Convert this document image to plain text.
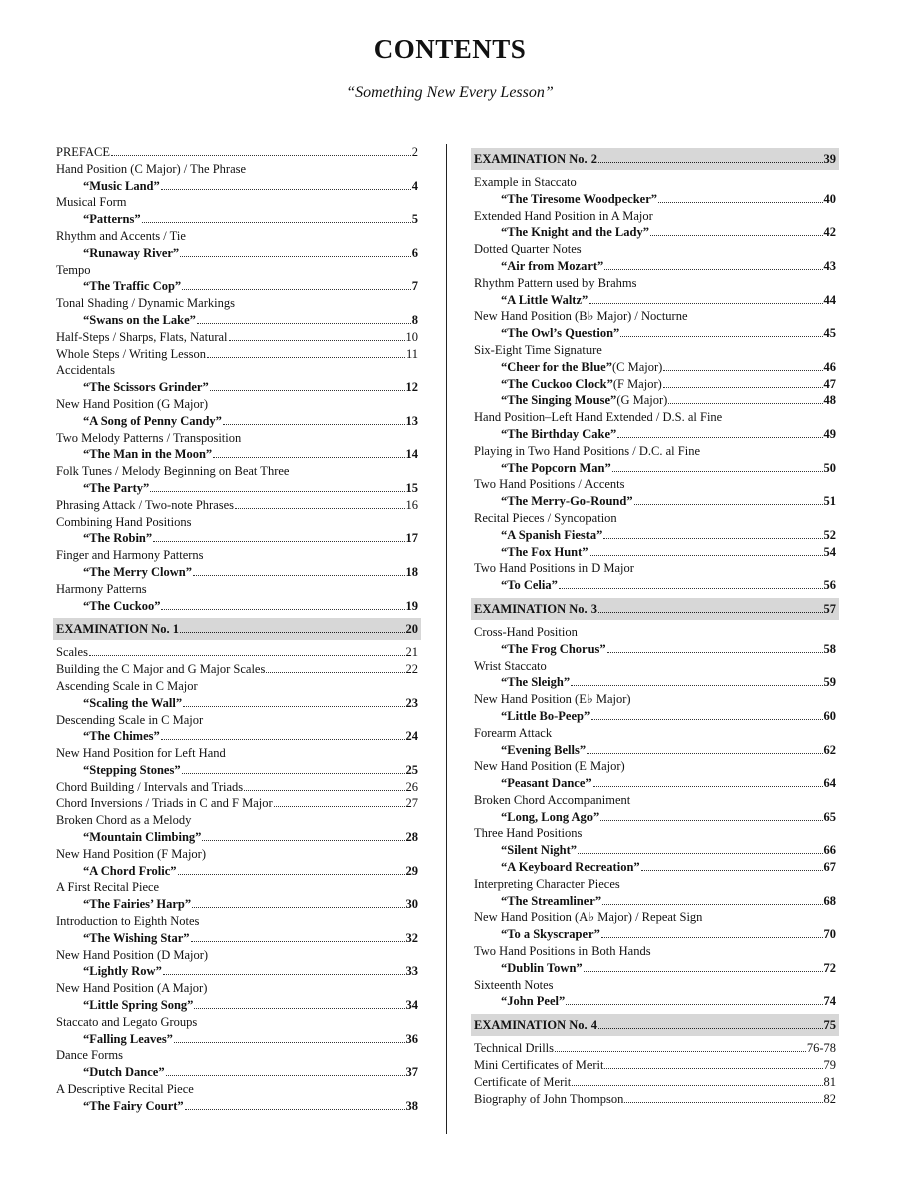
CONTENTS
“Something New Every Lesson”
PREFACE	2
Hand Position (C Major) / The Phrase
“Music Land”	4
Musical Form
“Patterns”	5
Rhythm and Accents / Tie
“Runaway River”	6
Tempo
“The Traffic Cop”	7
Tonal Shading / Dynamic Markings
“Swans on the Lake”	8
Half-Steps / Sharps, Flats, Natural	10
Whole Steps / Writing Lesson	11
Accidentals
“The Scissors Grinder”	12
New Hand Position (G Major)
“A Song of Penny Candy”	13
Two Melody Patterns / Transposition
“The Man in the Moon”	14
Folk Tunes / Melody Beginning on Beat Three
“The Party”	15
Phrasing Attack / Two-note Phrases	16
Combining Hand Positions
“The Robin”	17
Finger and Harmony Patterns
“The Merry Clown”	18
Harmony Patterns
“The Cuckoo”	19
EXAMINATION No. 1	20
Scales	21
Building the C Major and G Major Scales	22
Ascending Scale in C Major
“Scaling the Wall”	23
Descending Scale in C Major
“The Chimes”	24
New Hand Position for Left Hand
“Stepping Stones”	25
Chord Building / Intervals and Triads	26
Chord Inversions / Triads in C and F Major	27
Broken Chord as a Melody
“Mountain Climbing”	28
New Hand Position (F Major)
“A Chord Frolic”	29
A First Recital Piece
“The Fairies’ Harp”	30
Introduction to Eighth Notes
“The Wishing Star”	32
New Hand Position (D Major)
“Lightly Row”	33
New Hand Position (A Major)
“Little Spring Song”	34
Staccato and Legato Groups
“Falling Leaves”	36
Dance Forms
“Dutch Dance”	37
A Descriptive Recital Piece
“The Fairy Court”	38
EXAMINATION No. 2	39
Example in Staccato
“The Tiresome Woodpecker”	40
Extended Hand Position in A Major
“The Knight and the Lady”	42
Dotted Quarter Notes
“Air from Mozart”	43
Rhythm Pattern used by Brahms
“A Little Waltz”	44
New Hand Position (B♭ Major) / Nocturne
“The Owl’s Question”	45
Six-Eight Time Signature
“Cheer for the Blue” (C Major)	46
“The Cuckoo Clock” (F Major)	47
“The Singing Mouse” (G Major)	48
Hand Position–Left Hand Extended / D.S. al Fine
“The Birthday Cake”	49
Playing in Two Hand Positions / D.C. al Fine
“The Popcorn Man”	50
Two Hand Positions / Accents
“The Merry-Go-Round”	51
Recital Pieces / Syncopation
“A Spanish Fiesta”	52
“The Fox Hunt”	54
Two Hand Positions in D Major
“To Celia”	56
EXAMINATION No. 3	57
Cross-Hand Position
“The Frog Chorus”	58
Wrist Staccato
“The Sleigh”	59
New Hand Position (E♭ Major)
“Little Bo-Peep”	60
Forearm Attack
“Evening Bells”	62
New Hand Position (E Major)
“Peasant Dance”	64
Broken Chord Accompaniment
“Long, Long Ago”	65
Three Hand Positions
“Silent Night”	66
“A Keyboard Recreation”	67
Interpreting Character Pieces
“The Streamliner”	68
New Hand Position (A♭ Major) / Repeat Sign
“To a Skyscraper”	70
Two Hand Positions in Both Hands
“Dublin Town”	72
Sixteenth Notes
“John Peel”	74
EXAMINATION No. 4	75
Technical Drills	76-78
Mini Certificates of Merit	79
Certificate of Merit	81
Biography of John Thompson	82
